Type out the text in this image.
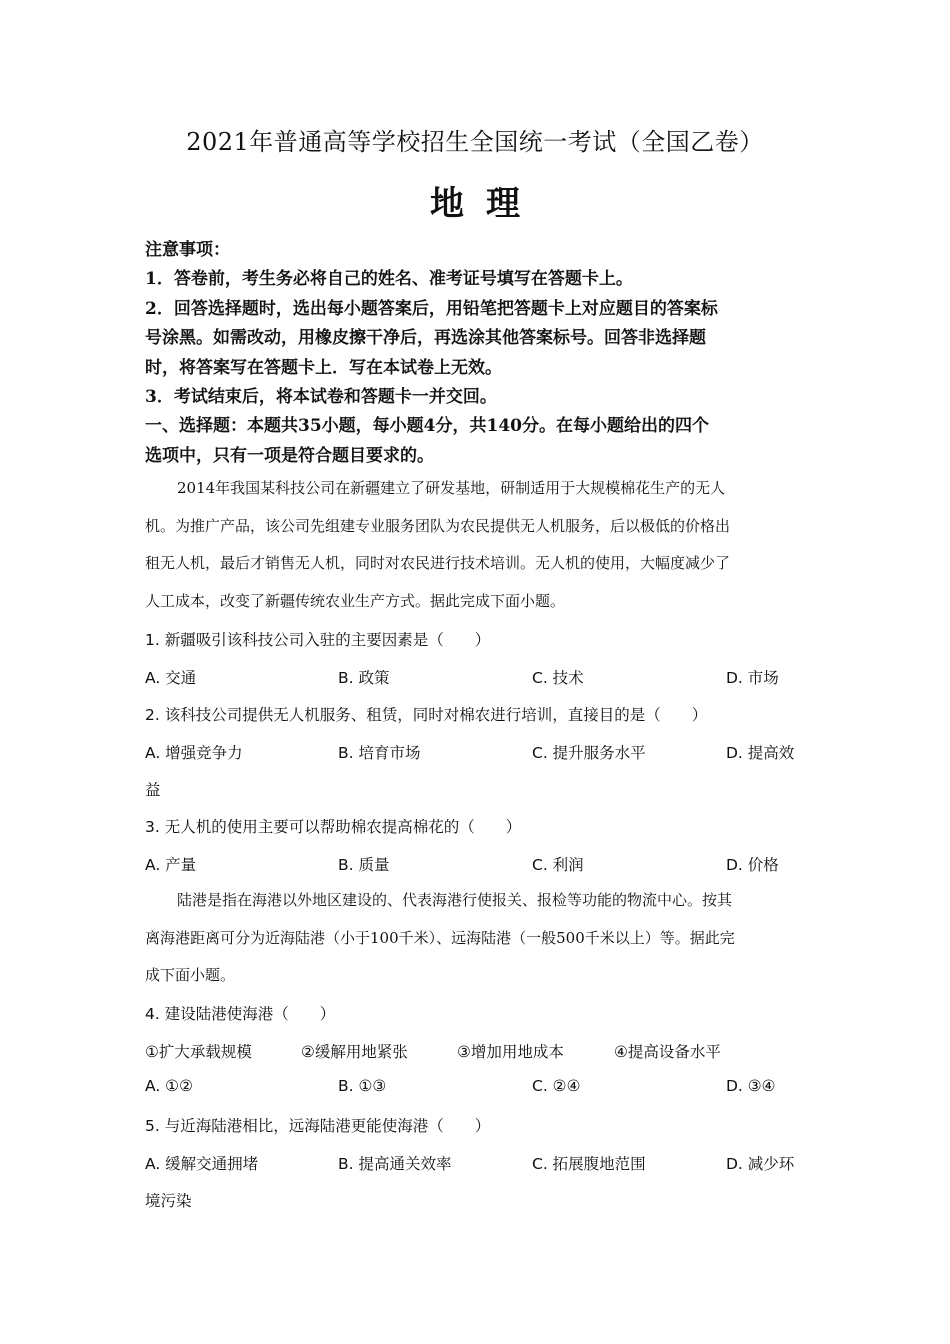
2021年普通高等学校招生全国统一考试（全国乙卷）
地理
注意事项：
1．答卷前，考生务必将自己的姓名、准考证号填写在答题卡上。
2．回答选择题时，选出每小题答案后，用铅笔把答题卡上对应题目的答案标
号涂黑。如需改动，用橡皮擦干净后，再选涂其他答案标号。回答非选择题
时，将答案写在答题卡上．写在本试卷上无效。
3．考试结束后，将本试卷和答题卡一并交回。
一、选择题：本题共35小题，每小题4分，共140分。在每小题给出的四个
选项中，只有一项是符合题目要求的。
2014年我国某科技公司在新疆建立了研发基地，研制适用于大规模棉花生产的无人
机。为推广产品，该公司先组建专业服务团队为农民提供无人机服务，后以极低的价格出
租无人机，最后才销售无人机，同时对农民进行技术培训。无人机的使用，大幅度减少了
人工成本，改变了新疆传统农业生产方式。据此完成下面小题。
1. 新疆吸引该科技公司入驻的主要因素是（　　）
A. 交通	B. 政策	C. 技术	D. 市场
2. 该科技公司提供无人机服务、租赁，同时对棉农进行培训，直接目的是（　　）
A. 增强竞争力	B. 培育市场	C. 提升服务水平	D. 提高效
益
3. 无人机的使用主要可以帮助棉农提高棉花的（　　）
A. 产量	B. 质量	C. 利润	D. 价格
陆港是指在海港以外地区建设的、代表海港行使报关、报检等功能的物流中心。按其
离海港距离可分为近海陆港（小于100千米）、远海陆港（一般500千米以上）等。据此完
成下面小题。
4. 建设陆港使海港（　　）
①扩大承载规模	②缓解用地紧张	③增加用地成本	④提高设备水平
A. ①②	B. ①③	C. ②④	D. ③④
5. 与近海陆港相比，远海陆港更能使海港（　　）
A. 缓解交通拥堵	B. 提高通关效率	C. 拓展腹地范围	D. 减少环
境污染
